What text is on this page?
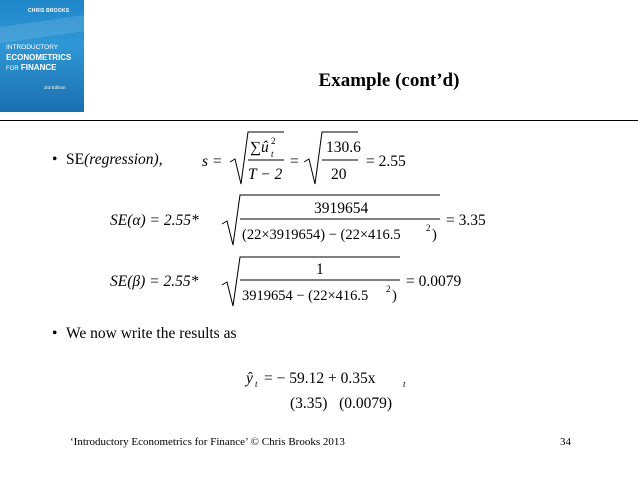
CHRIS BROOKS
INTRODUCTORY
ECONOMETRICS
FOR FINANCE
3rd Edition	Example (cont’d)
• SE(regression),	s =
∑û 2
t
T − 2
=
130.6
20
= 2.55
SE(α) = 2.55*
3919654
(22×3919654) − (22×416.5	2 )
= 3.35
SE(β) = 2.55*
1
3919654 − (22×416.5 2 )
= 0.0079
• We now write the results as
ŷ t = − 59.12 + 0.35x	t
(3.35)   (0.0079)
‘Introductory Econometrics for Finance’ © Chris Brooks 2013	34
